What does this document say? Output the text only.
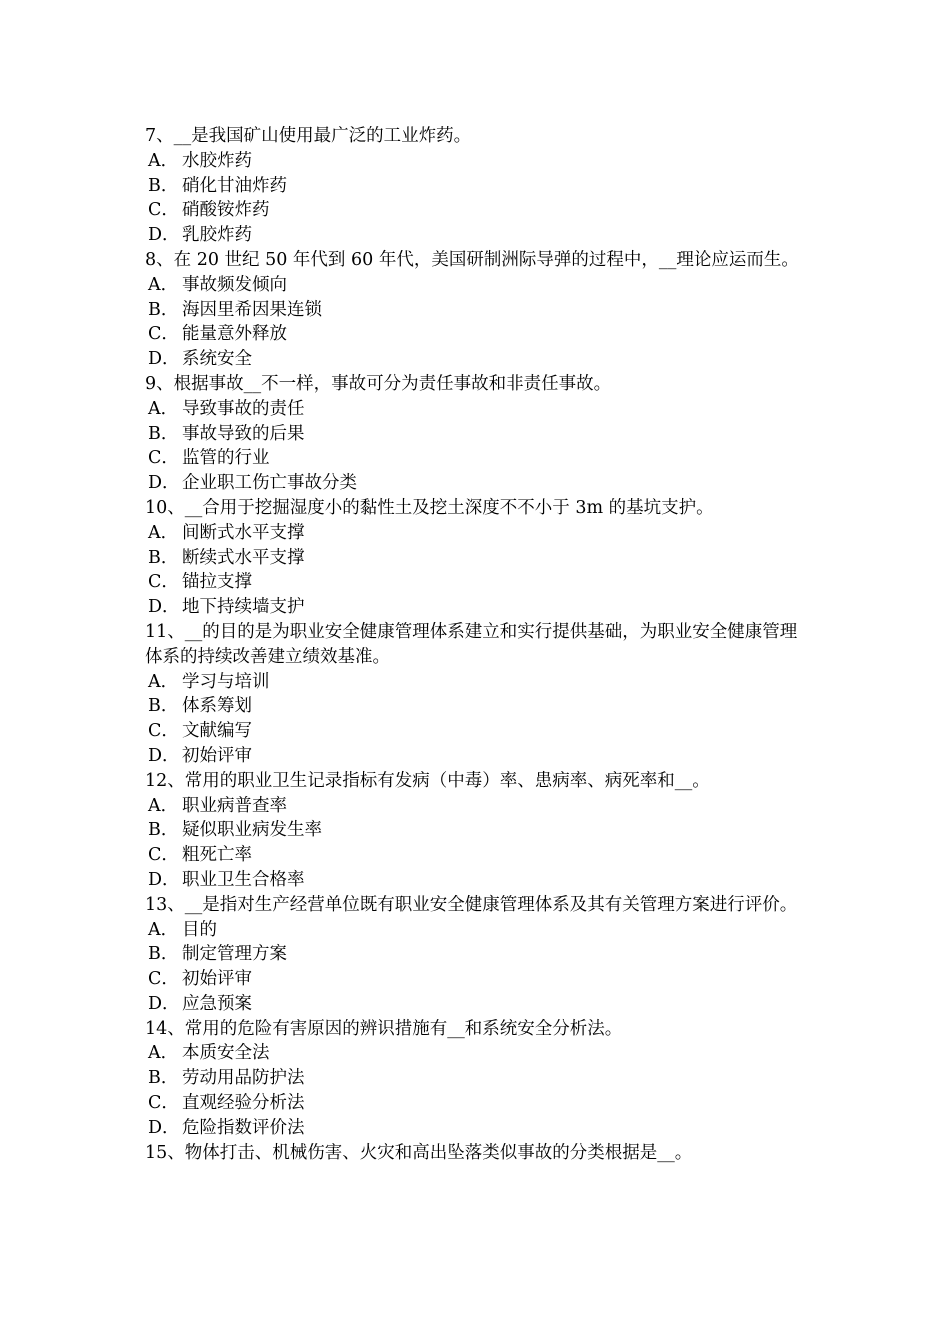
7、__是我国矿山使用最广泛的工业炸药。
A． 水胶炸药
B． 硝化甘油炸药
C． 硝酸铵炸药
D． 乳胶炸药
8、在 20 世纪 50 年代到 60 年代，美国研制洲际导弹的过程中，__理论应运而生。
A． 事故频发倾向
B． 海因里希因果连锁
C． 能量意外释放
D． 系统安全
9、根据事故__不一样，事故可分为责任事故和非责任事故。
A． 导致事故的责任
B． 事故导致的后果
C． 监管的行业
D． 企业职工伤亡事故分类
10、__合用于挖掘湿度小的黏性土及挖土深度不不小于 3m 的基坑支护。
A． 间断式水平支撑
B． 断续式水平支撑
C． 锚拉支撑
D． 地下持续墙支护
11、__的目的是为职业安全健康管理体系建立和实行提供基础，为职业安全健康管理体系的持续改善建立绩效基准。
A． 学习与培训
B． 体系筹划
C． 文献编写
D． 初始评审
12、常用的职业卫生记录指标有发病（中毒）率、患病率、病死率和__。
A． 职业病普查率
B． 疑似职业病发生率
C． 粗死亡率
D． 职业卫生合格率
13、__是指对生产经营单位既有职业安全健康管理体系及其有关管理方案进行评价。
A． 目的
B． 制定管理方案
C． 初始评审
D． 应急预案
14、常用的危险有害原因的辨识措施有__和系统安全分析法。
A． 本质安全法
B． 劳动用品防护法
C． 直观经验分析法
D． 危险指数评价法
15、物体打击、机械伤害、火灾和高出坠落类似事故的分类根据是__。
